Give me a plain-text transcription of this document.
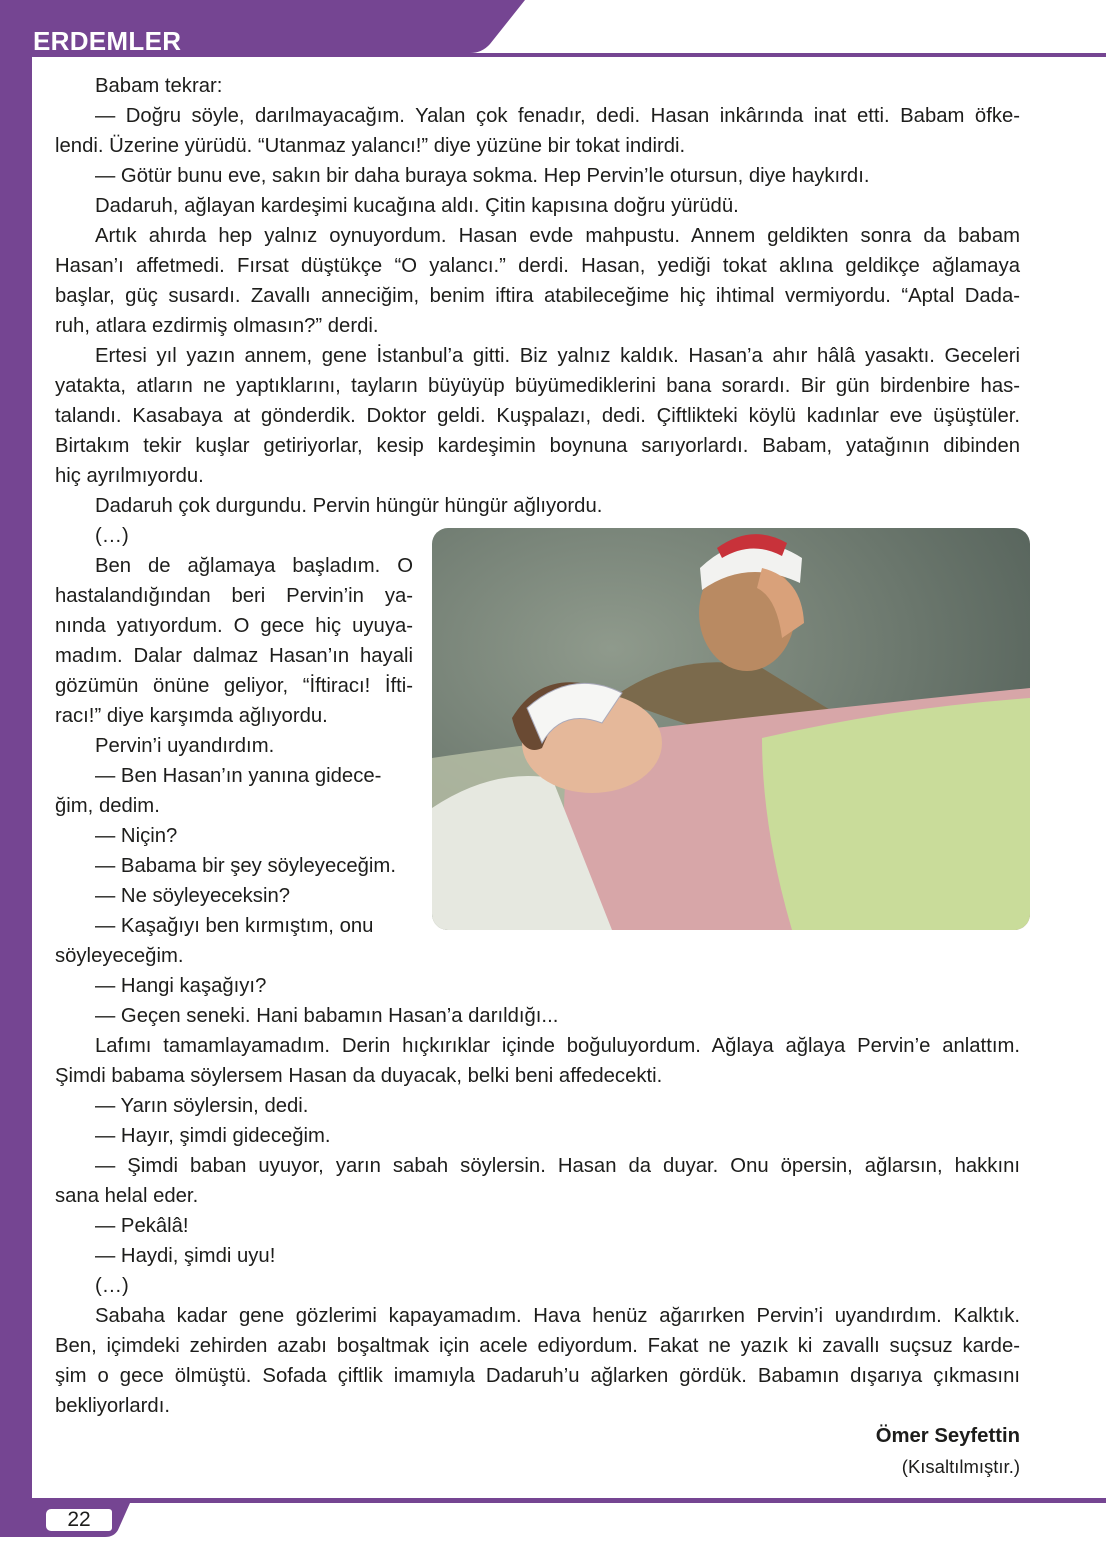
ERDEMLER
Babam tekrar:
— Doğru söyle, darılmayacağım. Yalan çok fenadır, dedi. Hasan inkârında inat etti. Babam öfke-
lendi. Üzerine yürüdü. “Utanmaz yalancı!” diye yüzüne bir tokat indirdi.
— Götür bunu eve, sakın bir daha buraya sokma. Hep Pervin’le otursun, diye haykırdı.
Dadaruh, ağlayan kardeşimi kucağına aldı. Çitin kapısına doğru yürüdü.
Artık ahırda hep yalnız oynuyordum. Hasan evde mahpustu. Annem geldikten sonra da babam
Hasan’ı affetmedi. Fırsat düştükçe “O yalancı.” derdi. Hasan, yediği tokat aklına geldikçe ağlamaya
başlar, güç susardı. Zavallı anneciğim, benim iftira atabileceğime hiç ihtimal vermiyordu. “Aptal Dada-
ruh, atlara ezdirmiş olmasın?” derdi.
Ertesi yıl yazın annem, gene İstanbul’a gitti. Biz yalnız kaldık. Hasan’a ahır hâlâ yasaktı. Geceleri
yatakta, atların ne yaptıklarını, tayların büyüyüp büyümediklerini bana sorardı. Bir gün birdenbire has-
talandı. Kasabaya at gönderdik. Doktor geldi. Kuşpalazı, dedi. Çiftlikteki köylü kadınlar eve üşüştüler.
Birtakım tekir kuşlar getiriyorlar, kesip kardeşimin boynuna sarıyorlardı. Babam, yatağının dibinden
hiç ayrılmıyordu.
Dadaruh çok durgundu. Pervin hüngür hüngür ağlıyordu.
(…)
Ben de ağlamaya başladım. O
hastalandığından beri Pervin’in ya-
nında yatıyordum. O gece hiç uyuya-
madım. Dalar dalmaz Hasan’ın hayali
gözümün önüne geliyor, “İftiracı! İfti-
racı!” diye karşımda ağlıyordu.
Pervin’i uyandırdım.
— Ben Hasan’ın yanına gidece-
ğim, dedim.
— Niçin?
— Babama bir şey söyleyeceğim.
— Ne söyleyeceksin?
— Kaşağıyı ben kırmıştım, onu
söyleyeceğim.
— Hangi kaşağıyı?
— Geçen seneki. Hani babamın Hasan’a darıldığı...
Lafımı tamamlayamadım. Derin hıçkırıklar içinde boğuluyordum. Ağlaya ağlaya Pervin’e anlattım.
Şimdi babama söylersem Hasan da duyacak, belki beni affedecekti.
— Yarın söylersin, dedi.
— Hayır, şimdi gideceğim.
— Şimdi baban uyuyor, yarın sabah söylersin. Hasan da duyar. Onu öpersin, ağlarsın, hakkını
sana helal eder.
— Pekâlâ!
— Haydi, şimdi uyu!
(…)
Sabaha kadar gene gözlerimi kapayamadım. Hava henüz ağarırken Pervin’i uyandırdım. Kalktık.
Ben, içimdeki zehirden azabı boşaltmak için acele ediyordum. Fakat ne yazık ki zavallı suçsuz karde-
şim o gece ölmüştü. Sofada çiftlik imamıyla Dadaruh’u ağlarken gördük. Babamın dışarıya çıkmasını
bekliyorlardı.
Ömer Seyfettin
(Kısaltılmıştır.)
22
